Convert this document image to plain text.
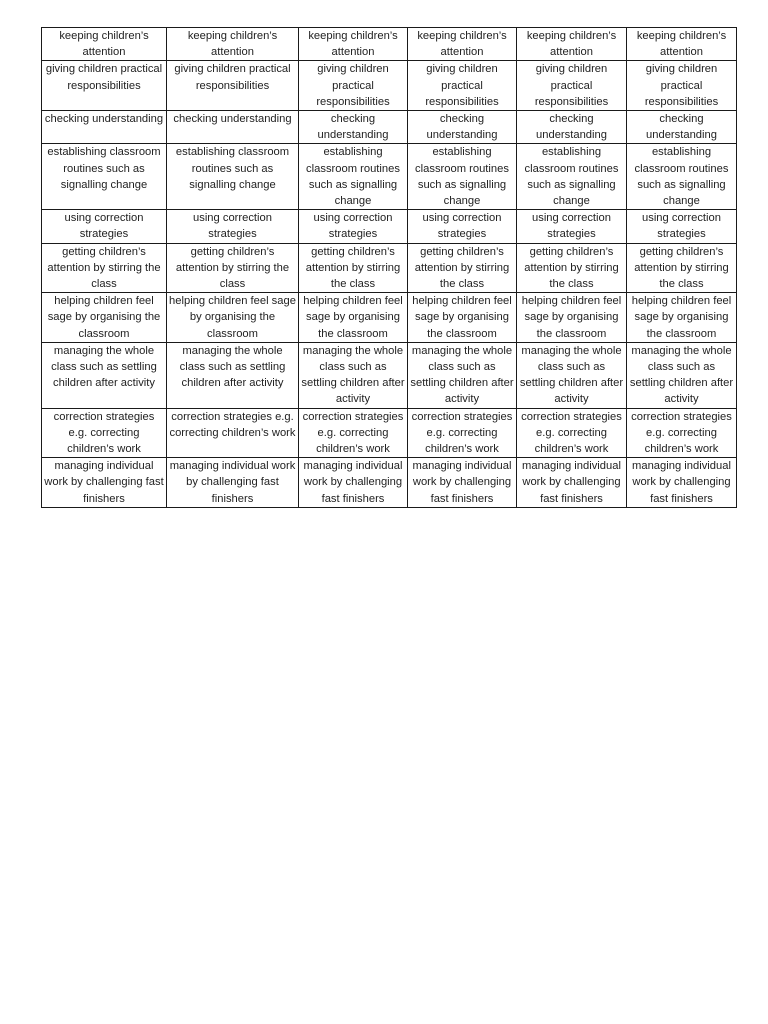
keeping children’s attention	keeping children’s attention	keeping children’s attention	keeping children’s attention	keeping children’s attention	keeping children’s attention
giving children practical responsibilities	giving children practical responsibilities	giving children practical responsibilities	giving children practical responsibilities	giving children practical responsibilities	giving children practical responsibilities
checking understanding	checking understanding	checking understanding	checking understanding	checking understanding	checking understanding
establishing classroom routines such as signalling change	establishing classroom routines such as signalling change	establishing classroom routines such as signalling change	establishing classroom routines such as signalling change	establishing classroom routines such as signalling change	establishing classroom routines such as signalling change
using correction strategies	using correction strategies	using correction strategies	using correction strategies	using correction strategies	using correction strategies
getting children’s attention by stirring the class	getting children’s attention by stirring the class	getting children’s attention by stirring the class	getting children’s attention by stirring the class	getting children’s attention by stirring the class	getting children’s attention by stirring the class
helping children feel sage by organising the classroom	helping children feel sage by organising the classroom	helping children feel sage by organising the classroom	helping children feel sage by organising the classroom	helping children feel sage by organising the classroom	helping children feel sage by organising the classroom
managing the whole class such as settling children after activity	managing the whole class such as settling children after activity	managing the whole class such as settling children after activity	managing the whole class such as settling children after activity	managing the whole class such as settling children after activity	managing the whole class such as settling children after activity
correction strategies e.g. correcting children’s work	correction strategies e.g. correcting children’s work	correction strategies e.g. correcting children’s work	correction strategies e.g. correcting children’s work	correction strategies e.g. correcting children’s work	correction strategies e.g. correcting children’s work
managing individual work by challenging fast finishers	managing individual work by challenging fast finishers	managing individual work by challenging fast finishers	managing individual work by challenging fast finishers	managing individual work by challenging fast finishers	managing individual work by challenging fast finishers
